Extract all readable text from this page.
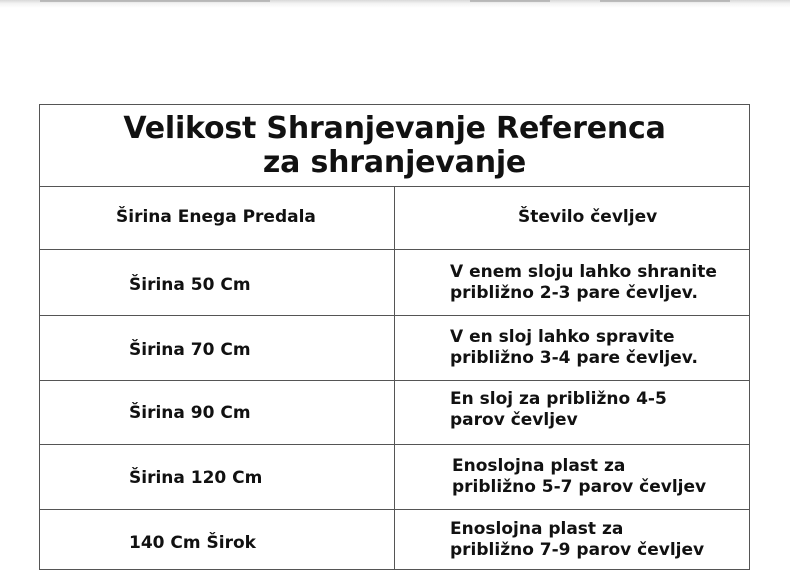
Velikost Shranjevanje Referenca
za shranjevanje
Širina Enega Predala	Število čevljev
Širina 50 Cm
V enem sloju lahko shranite
približno 2-3 pare čevljev.
Širina 70 Cm
V en sloj lahko spravite
približno 3-4 pare čevljev.
Širina 90 Cm
En sloj za približno 4-5
parov čevljev
Širina 120 Cm
Enoslojna plast za
približno 5-7 parov čevljev
140 Cm Širok
Enoslojna plast za
približno 7-9 parov čevljev
